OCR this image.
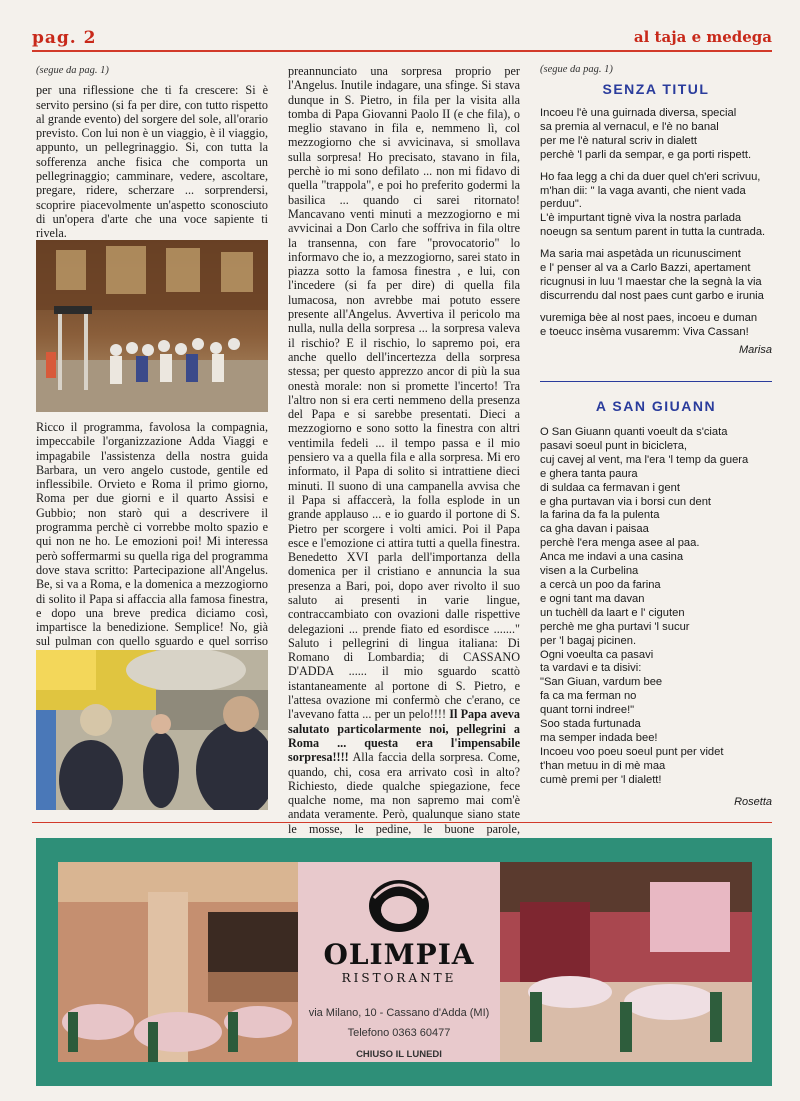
pag. 2	al taja e medega
(segue da pag. 1)

per una riflessione che ti fa crescere: Si è servito persino (si fa per dire, con tutto rispetto al grande evento) del sorgere del sole, all'orario previsto. Con lui non è un viaggio, è il viaggio, appunto, un pellegrinaggio. Si, con tutta la sofferenza anche fisica che comporta un pellegrinaggio; camminare, vedere, ascoltare, pregare, ridere, scherzare ... sorprendersi, scoprire piacevolmente un'aspetto sconosciuto di un'opera d'arte che una voce sapiente ti rivela.

Ricco il programma, favolosa la compagnia, impeccabile l'organizzazione Adda Viaggi e impagabile l'assistenza della nostra guida Barbara, un vero angelo custode, gentile ed inflessibile. Orvieto e Roma il primo giorno, Roma per due giorni e il quarto Assisi e Gubbio; non starò qui a descrivere il programma perchè ci vorrebbe molto spazio e qui non ne ho. Le emozioni poi! Mi interessa però soffermarmi su quella riga del programma dove stava scritto: Partecipazione all'Angelus. Be, si va a Roma, e la domenica a mezzogiorno di solito il Papa si affaccia alla famosa finestra, e dopo una breve predica diciamo così, impartisce la benedizione. Semplice! No, già sul pulman con quello sguardo e quel sorriso

preannunciato una sorpresa proprio per l'Angelus. Inutile indagare, una sfinge. Si stava dunque in S. Pietro, in fila per la visita alla tomba di Papa Giovanni Paolo II (e che fila), o meglio stavano in fila e, nemmeno lì, col mezzogiorno che si avvicinava, si smollava sulla sorpresa! Ho precisato, stavano in fila, perchè io mi sono defilato ... non mi fidavo di quella "trappola", e poi ho preferito godermi la basilica ... quando ci sarei ritornato! Mancavano venti minuti a mezzogiorno e mi avvicinai a Don Carlo che soffriva in fila oltre la transenna, con fare "provocatorio" lo informavo che io, a mezzogiorno, sarei stato in piazza sotto la famosa finestra , e lui, con l'incedere (si fa per dire) di quella fila lumacosa, non avrebbe mai potuto essere presente all'Angelus. Avvertiva il pericolo ma nulla, nulla della sorpresa ... la sorpresa valeva il rischio? E il rischio, lo sapremo poi, era anche quello dell'incertezza della sorpresa stessa; per questo apprezzo ancor di più la sua onestà morale: non si promette l'incerto! Tra l'altro non si era certi nemmeno della presenza del Papa e si sarebbe presentati. Dieci a mezzogiorno e sono sotto la finestra con altri ventimila fedeli ... il tempo passa e il mio pensiero va a quella fila e alla sorpresa. Mi ero informato, il Papa di solito si intrattiene dieci minuti. Il suono di una campanella avvisa che il Papa si affaccerà, la folla esplode in un grande applauso ... e io guardo il portone di S. Pietro per scorgere i volti amici. Poi il Papa esce e l'emozione ci attira tutti a quella finestra. Benedetto XVI parla dell'importanza della domenica per il cristiano e annuncia la sua presenza a Bari, poi, dopo aver rivolto il suo saluto ai presenti in varie lingue, contraccambiato con ovazioni dalle rispettive delegazioni ... prende fiato ed esordisce ......." Saluto i pellegrini di lingua italiana: Di Romano di Lombardia; di CASSANO D'ADDA ...... il mio sguardo scattò istantaneamente al portone di S. Pietro, e l'attesa ovazione mi confermò che c'erano, ce l'avevano fatta ... per un pelo!!!! Il Papa aveva salutato particolarmente noi, pellegrini a Roma ... questa era l'impensabile sorpresa!!!! Alla faccia della sorpresa. Come, quando, chi, cosa era arrivato così in alto? Richiesto, diede qualche spiegazione, fece qualche nome, ma non sapremo mai com'è andata veramente. Però, qualunque siano state le mosse, le pedine, le buone parole,
(segue da pag. 1)
SENZA TITUL

Incoeu l'è una guirnada diversa, special
sa premia al vernacul, e l'è no banal
per me l'è natural scriv in dialett
perchè 'l parli da sempar, e ga porti rispett.

Ho faa legg a chi da duer quel ch'eri scrivuu,
m'han dii: " la vaga avanti, che nient vada perduu".
L'è impurtant tignè viva la nostra parlada
noeugn sa sentum parent in tutta la cuntrada.

Ma saria mai aspetàda un ricunusciment
e l' penser al va a Carlo Bazzi, apertament
ricugnusi in luu 'l maestar che la segnà la via
discurrendu dal nost paes cunt garbo e irunia

vuremiga bèe al nost paes, incoeu e duman
e toeucc insèma vusaremm: Viva Cassan!

Marisa
A SAN GIUANN
O San Giuann quanti voeult da s'ciata
pasavi soeul punt in biciclета,
cuj cavej al vent, ma l'era 'l temp da guera
e ghera tanta paura
di suldaa ca fermavan i gent
e gha purtavan via i borsi cun dent
la farina da fa la pulenta
ca gha davan i paisaa
perchè l'era menga asee al paa.
Anca me indavi a una casina
visen a la Curbelina
a cercà un poo da farina
e ogni tant ma davan
un tuchèll da laart e l' ciguten
perchè me gha purtavi 'l sucur
per 'l bagaj picinen.
Ogni voeulta ca pasavi
ta vardavi e ta disivi:
"San Giuan, vardum bee
fa ca ma ferman no
quant torni indree!"
Soo stada furtunada
ma semper indada bee!
Incoeu voo poeu soeul punt per videt
t'han metuu in di mè maa
cumè premi per 'l dialett!
Rosetta
OLIMPIA
RISTORANTE
via Milano, 10 - Cassano d'Adda (MI)
Telefono 0363 60477
CHIUSO IL LUNEDI
